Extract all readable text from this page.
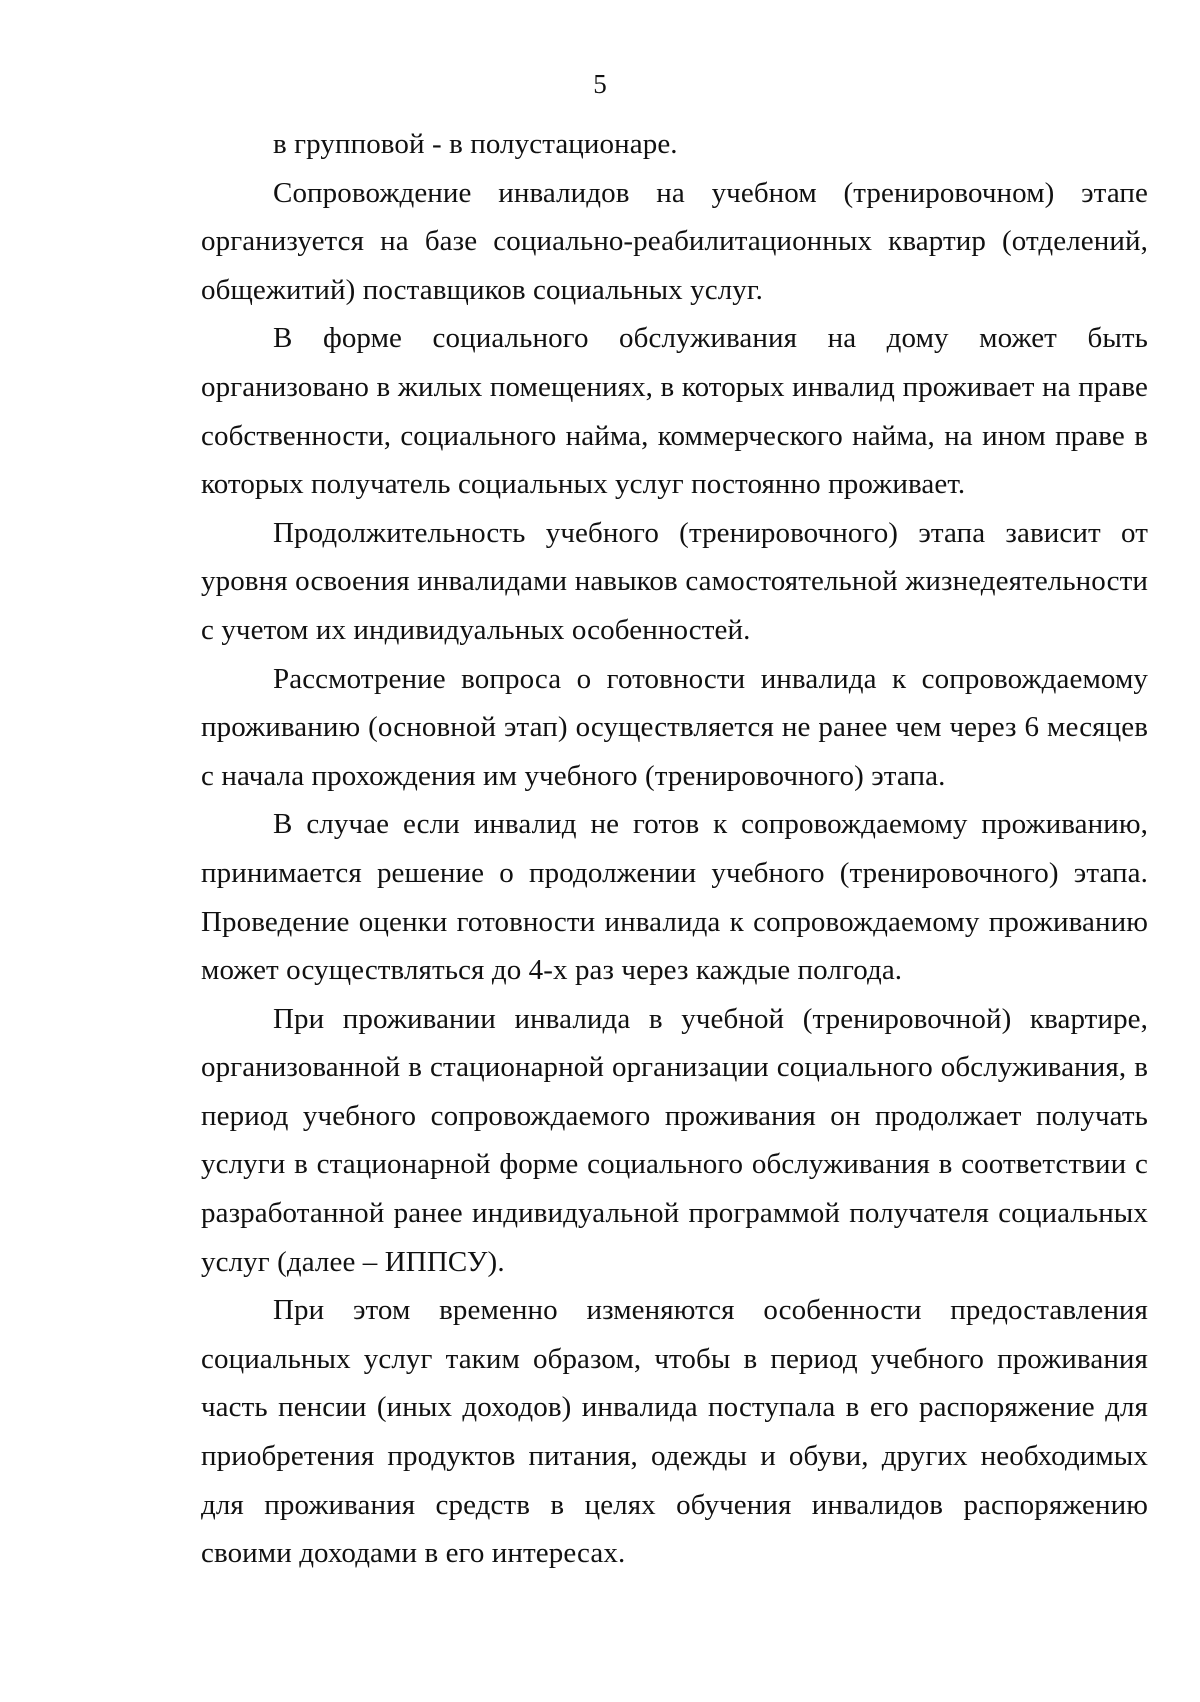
5

в групповой - в полустационаре.

Сопровождение инвалидов на учебном (тренировочном) этапе организуется на базе социально-реабилитационных квартир (отделений, общежитий) поставщиков социальных услуг.

В форме социального обслуживания на дому может быть организовано в жилых помещениях, в которых инвалид проживает на праве собственности, социального найма, коммерческого найма, на ином праве в которых получатель социальных услуг постоянно проживает.

Продолжительность учебного (тренировочного) этапа зависит от уровня освоения инвалидами навыков самостоятельной жизнедеятельности с учетом их индивидуальных особенностей.

Рассмотрение вопроса о готовности инвалида к сопровождаемому проживанию (основной этап) осуществляется не ранее чем через 6 месяцев с начала прохождения им учебного (тренировочного) этапа.

В случае если инвалид не готов к сопровождаемому проживанию, принимается решение о продолжении учебного (тренировочного) этапа. Проведение оценки готовности инвалида к сопровождаемому проживанию может осуществляться до 4-х раз через каждые полгода.

При проживании инвалида в учебной (тренировочной) квартире, организованной в стационарной организации социального обслуживания, в период учебного сопровождаемого проживания он продолжает получать услуги в стационарной форме социального обслуживания в соответствии с разработанной ранее индивидуальной программой получателя социальных услуг (далее – ИППСУ).

При этом временно изменяются особенности предоставления социальных услуг таким образом, чтобы в период учебного проживания часть пенсии (иных доходов) инвалида поступала в его распоряжение для приобретения продуктов питания, одежды и обуви, других необходимых для проживания средств в целях обучения инвалидов распоряжению своими доходами в его интересах.
